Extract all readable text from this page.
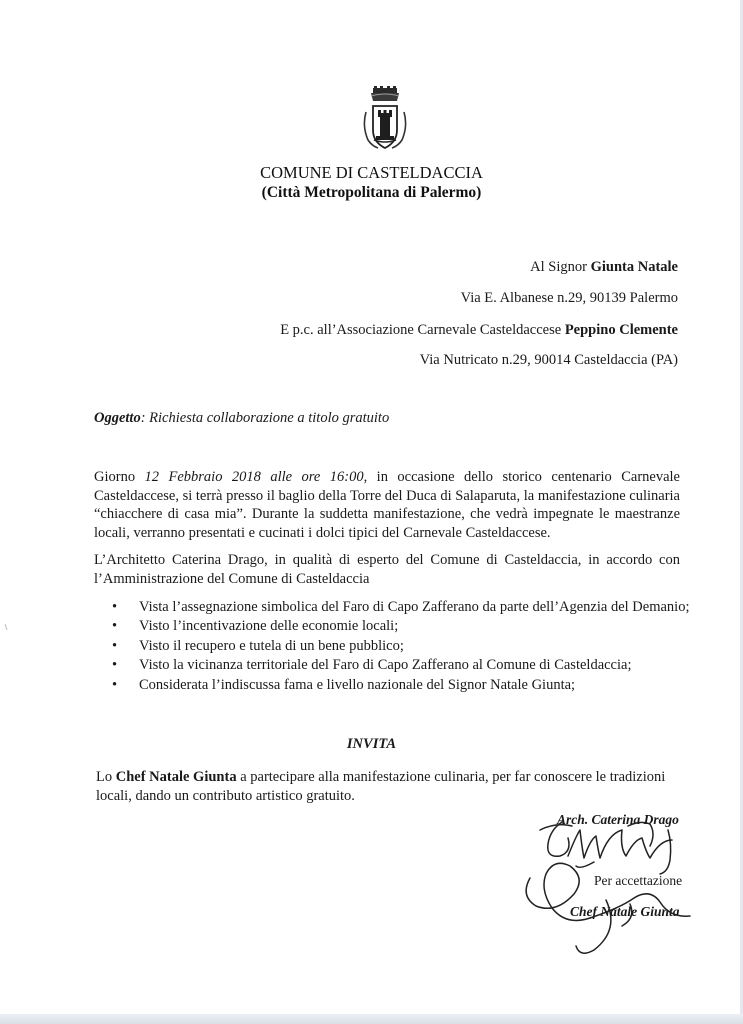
COMUNE DI CASTELDACCIA
(Città Metropolitana di Palermo)
Al Signor Giunta Natale
Via E. Albanese n.29, 90139 Palermo
E p.c. all’Associazione Carnevale Casteldaccese Peppino Clemente
Via Nutricato n.29, 90014 Casteldaccia (PA)
Oggetto: Richiesta collaborazione a titolo gratuito
Giorno 12 Febbraio 2018 alle ore 16:00, in occasione dello storico centenario Carnevale Casteldaccese, si terrà presso il baglio della Torre del Duca di Salaparuta, la manifestazione culinaria “chiacchere di casa mia”. Durante la suddetta manifestazione, che vedrà impegnate le maestranze locali, verranno presentati e cucinati i dolci tipici del Carnevale Casteldaccese.
L’Architetto Caterina Drago, in qualità di esperto del Comune di Casteldaccia, in accordo con l’Amministrazione del Comune di Casteldaccia
• Vista l’assegnazione simbolica del Faro di Capo Zafferano da parte dell’Agenzia del Demanio;
• Visto l’incentivazione delle economie locali;
• Visto il recupero e tutela di un bene pubblico;
• Visto la vicinanza territoriale del Faro di Capo Zafferano al Comune di Casteldaccia;
• Considerata l’indiscussa fama e livello nazionale del Signor Natale Giunta;
INVITA
Lo Chef Natale Giunta a partecipare alla manifestazione culinaria, per far conoscere le tradizioni locali, dando un contributo artistico gratuito.
Arch. Caterina Drago
Per accettazione
Chef Natale Giunta
